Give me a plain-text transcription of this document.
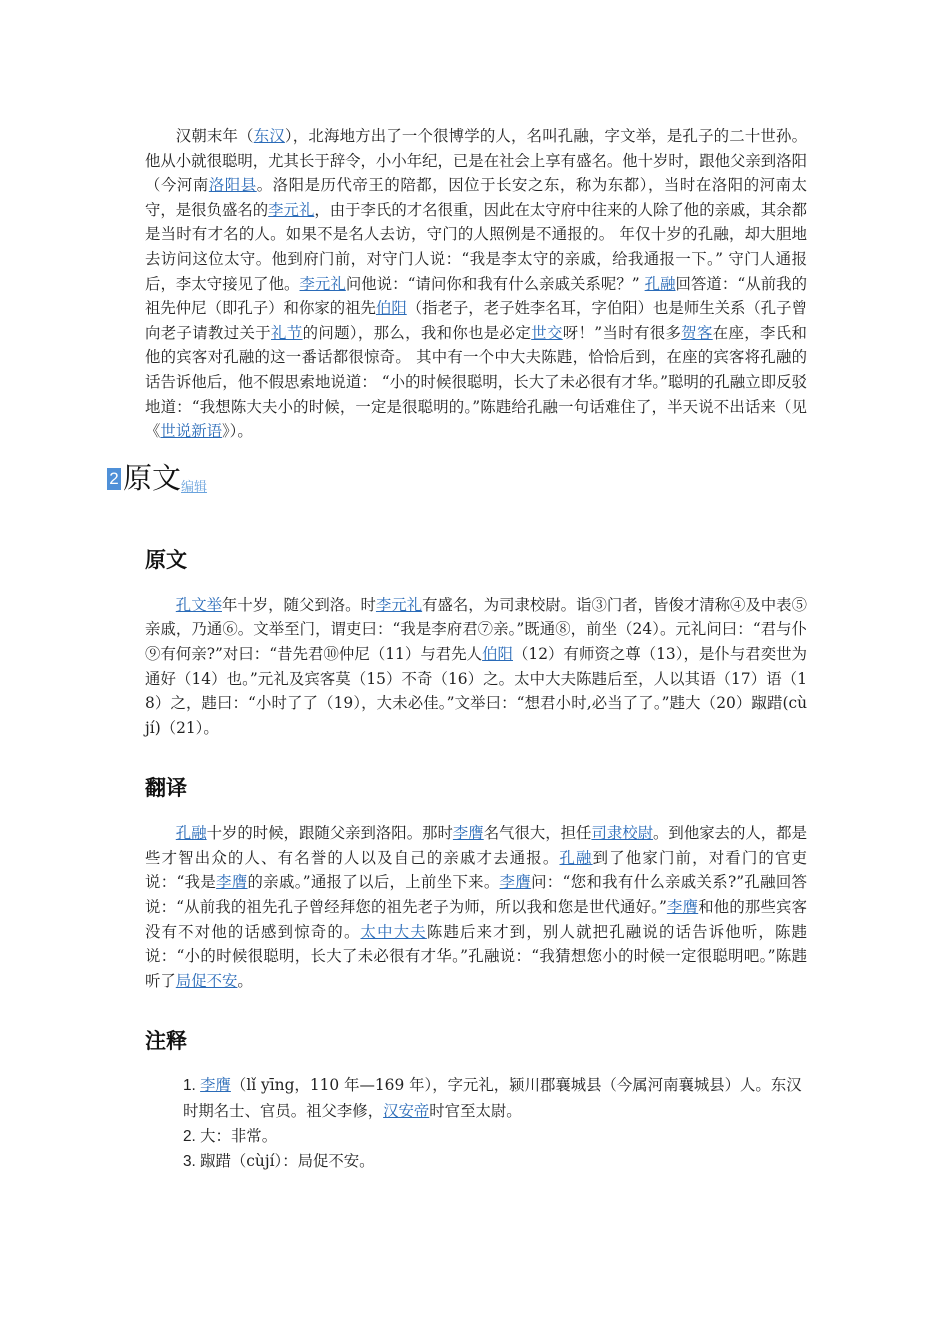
汉朝末年（东汉），北海地方出了一个很博学的人，名叫孔融，字文举，是孔子的二十世孙。他从小就很聪明，尤其长于辞令，小小年纪，已是在社会上享有盛名。他十岁时，跟他父亲到洛阳（今河南洛阳县。洛阳是历代帝王的陪都，因位于长安之东，称为东都），当时在洛阳的河南太守，是很负盛名的李元礼，由于李氏的才名很重，因此在太守府中往来的人除了他的亲戚，其余都是当时有才名的人。如果不是名人去访，守门的人照例是不通报的。 年仅十岁的孔融，却大胆地去访问这位太守。他到府门前，对守门人说：“我是李太守的亲戚，给我通报一下。” 守门人通报后，李太守接见了他。李元礼问他说：“请问你和我有什么亲戚关系呢？” 孔融回答道：“从前我的祖先仲尼（即孔子）和你家的祖先伯阳（指老子，老子姓李名耳，字伯阳）也是师生关系（孔子曾向老子请教过关于礼节的问题），那么，我和你也是必定世交呀！”当时有很多贺客在座，李氏和他的宾客对孔融的这一番话都很惊奇。 其中有一个中大夫陈韪，恰恰后到，在座的宾客将孔融的话告诉他后，他不假思索地说道： “小的时候很聪明，长大了未必很有才华。”聪明的孔融立即反驳地道：“我想陈大夫小的时候，一定是很聪明的。”陈韪给孔融一句话难住了，半天说不出话来（见《世说新语》）。

2 原文 编辑
原文

孔文举年十岁，随父到洛。时李元礼有盛名，为司隶校尉。诣③门者，皆俊才清称④及中表⑤亲戚，乃通⑥。文举至门，谓吏曰：“我是李府君⑦亲。”既通⑧，前坐（24）。元礼问曰：“君与仆⑨有何亲?”对曰：“昔先君⑩仲尼（11）与君先人伯阳（12）有师资之尊（13），是仆与君奕世为通好（14）也。”元礼及宾客莫（15）不奇（16）之。太中大夫陈韪后至，人以其语（17）语（18）之，韪曰：“小时了了（19），大未必佳。”文举曰：“想君小时,必当了了。”韪大（20）踧踖(cù jí)（21）。

翻译

孔融十岁的时候，跟随父亲到洛阳。那时李膺名气很大，担任司隶校尉。到他家去的人，都是些才智出众的人、有名誉的人以及自己的亲戚才去通报。孔融到了他家门前，对看门的官吏说：“我是李膺的亲戚。”通报了以后，上前坐下来。李膺问：“您和我有什么亲戚关系?”孔融回答说：“从前我的祖先孔子曾经拜您的祖先老子为师，所以我和您是世代通好。”李膺和他的那些宾客没有不对他的话感到惊奇的。太中大夫陈韪后来才到，别人就把孔融说的话告诉他听，陈韪说：“小的时候很聪明，长大了未必很有才华。”孔融说：“我猜想您小的时候一定很聪明吧。”陈韪听了局促不安。

注释
1. 李膺（lǐ yīng，110 年—169 年），字元礼，颍川郡襄城县（今属河南襄城县）人。东汉时期名士、官员。祖父李修，汉安帝时官至太尉。
2. 大：非常。
3. 踧踖（cùjí）：局促不安。
